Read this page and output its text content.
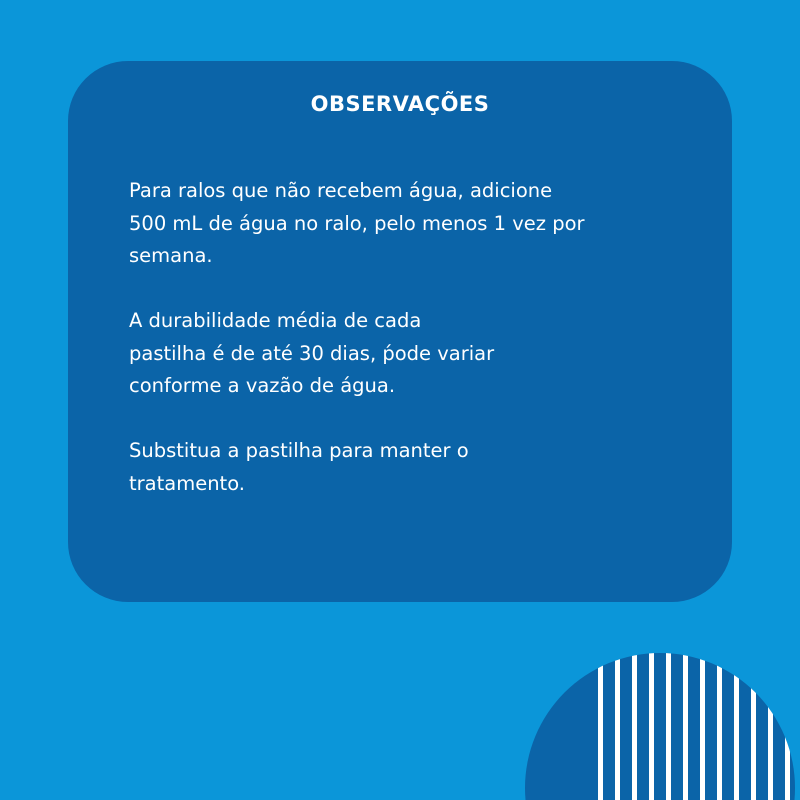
OBSERVAÇÕES

Para ralos que não recebem água, adicione
500 mL de água no ralo, pelo menos 1 vez por
semana.

A durabilidade média de cada
pastilha é de até 30 dias, ṕode variar
conforme a vazão de água.

Substitua a pastilha para manter o
tratamento.
